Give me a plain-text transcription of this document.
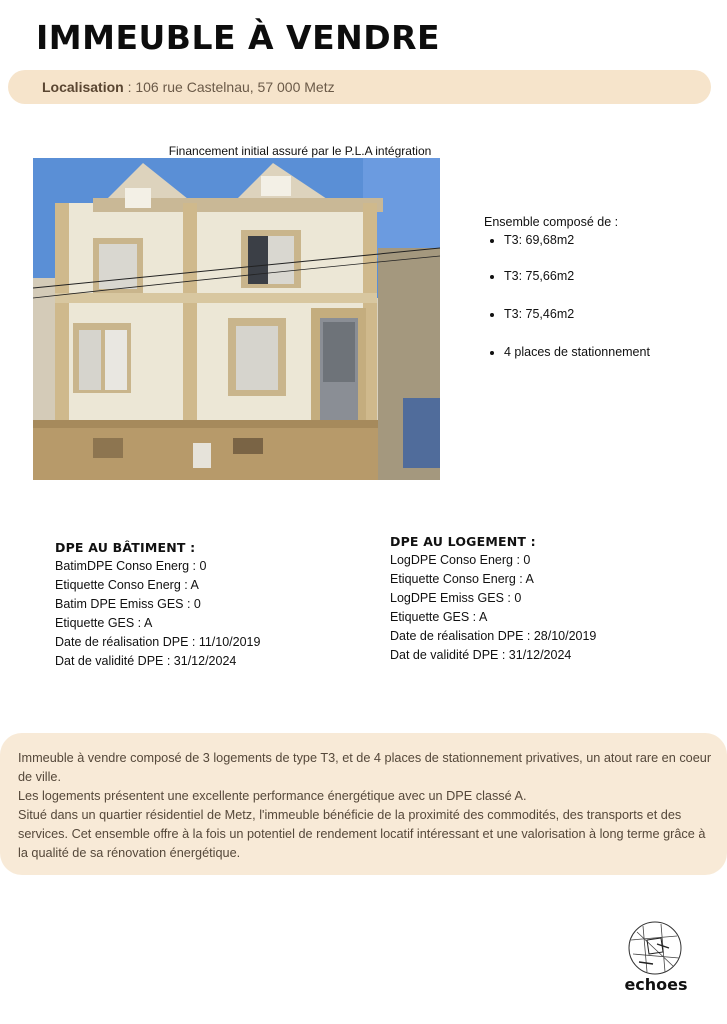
IMMEUBLE À VENDRE
Localisation : 106 rue Castelnau, 57 000 Metz
Financement initial assuré par le P.L.A intégration
Ensemble composé de :
• T3: 69,68m2
• T3: 75,66m2
• T3: 75,46m2
• 4 places de stationnement
DPE AU BÂTIMENT :

BatimDPE Conso Energ : 0

Etiquette Conso Energ : A

Batim DPE Emiss GES : 0

Etiquette GES : A

Date de réalisation DPE : 11/10/2019

Dat de validité DPE : 31/12/2024

DPE AU LOGEMENT :

LogDPE Conso Energ : 0

Etiquette Conso Energ : A

LogDPE Emiss GES : 0

Etiquette GES : A

Date de réalisation DPE : 28/10/2019

Dat de validité DPE : 31/12/2024

Immeuble à vendre composé de 3 logements de type T3, et de 4 places de stationnement privatives, un atout rare en coeur de ville.

Les logements présentent une excellente performance énergétique avec un DPE classé A.

Situé dans un quartier résidentiel de Metz, l'immeuble bénéficie de la proximité des commodités, des transports et des services. Cet ensemble offre à la fois un potentiel de rendement locatif intéressant et une valorisation à long terme grâce à la qualité de sa rénovation énergétique.

echoes
